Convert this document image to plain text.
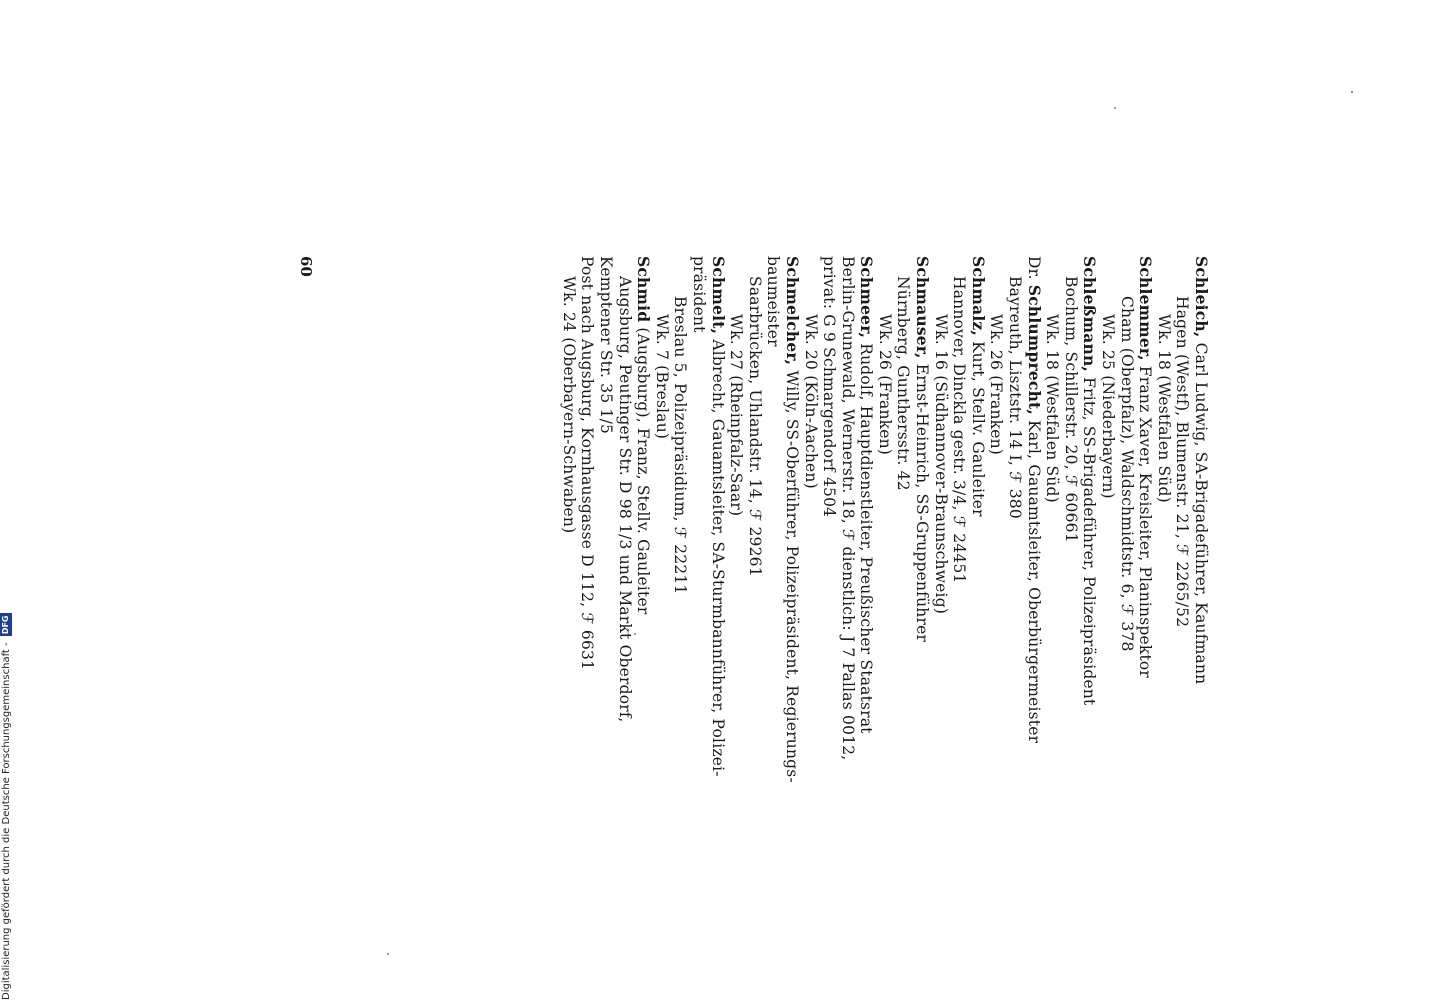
Schleich, Carl Ludwig, SA-Brigadeführer, Kaufmann
Hagen (Westf), Blumenstr. 21, ℱ 2265/52
Wk. 18 (Westfalen Süd)

Schlemmer, Franz Xaver, Kreisleiter, Planinspektor
Cham (Oberpfalz), Waldschmidtstr. 6, ℱ 378
Wk. 25 (Niederbayern)

Schleßmann, Fritz, SS-Brigadeführer, Polizeipräsident
Bochum, Schillerstr. 20, ℱ 60661
Wk. 18 (Westfalen Süd)

Dr. Schlumprecht, Karl, Gauamtsleiter, Oberbürgermeister
Bayreuth, Lisztstr. 14 I, ℱ 380
Wk. 26 (Franken)

Schmalz, Kurt, Stellv. Gauleiter
Hannover, Dinckla gestr. 3/4, ℱ 24451
Wk. 16 (Südhannover-Braunschweig)

Schmauser, Ernst-Heinrich, SS-Gruppenführer
Nürnberg, Gunthersstr. 42
Wk. 26 (Franken)

Schmeer, Rudolf, Hauptdienstleiter, Preußischer Staatsrat
Berlin-Grunewald, Wernerstr. 18, ℱ dienstlich: J 7 Pallas 0012,
privat: G 9 Schmargendorf 4504
Wk. 20 (Köln-Aachen)

Schmelcher, Willy, SS-Oberführer, Polizeipräsident, Regierungs-
baumeister
Saarbrücken, Uhlandstr. 14, ℱ 29261
Wk. 27 (Rheinpfalz-Saar)

Schmelt, Albrecht, Gauamtsleiter, SA-Sturmbannführer, Polizei-
präsident
Breslau 5, Polizeipräsidium, ℱ 22211
Wk. 7 (Breslau)

Schmid (Augsburg), Franz, Stellv. Gauleiter
Augsburg, Peutinger Str. D 98 1/3 und Markt Oberdorf,
Kemptener Str. 35 1/5
Post nach Augsburg, Kornhausgasse D 112, ℱ 6631
Wk. 24 (Oberbayern-Schwaben)

60
Digitalisierung gefördert durch die Deutsche Forschungsgemeinschaft - DFG
